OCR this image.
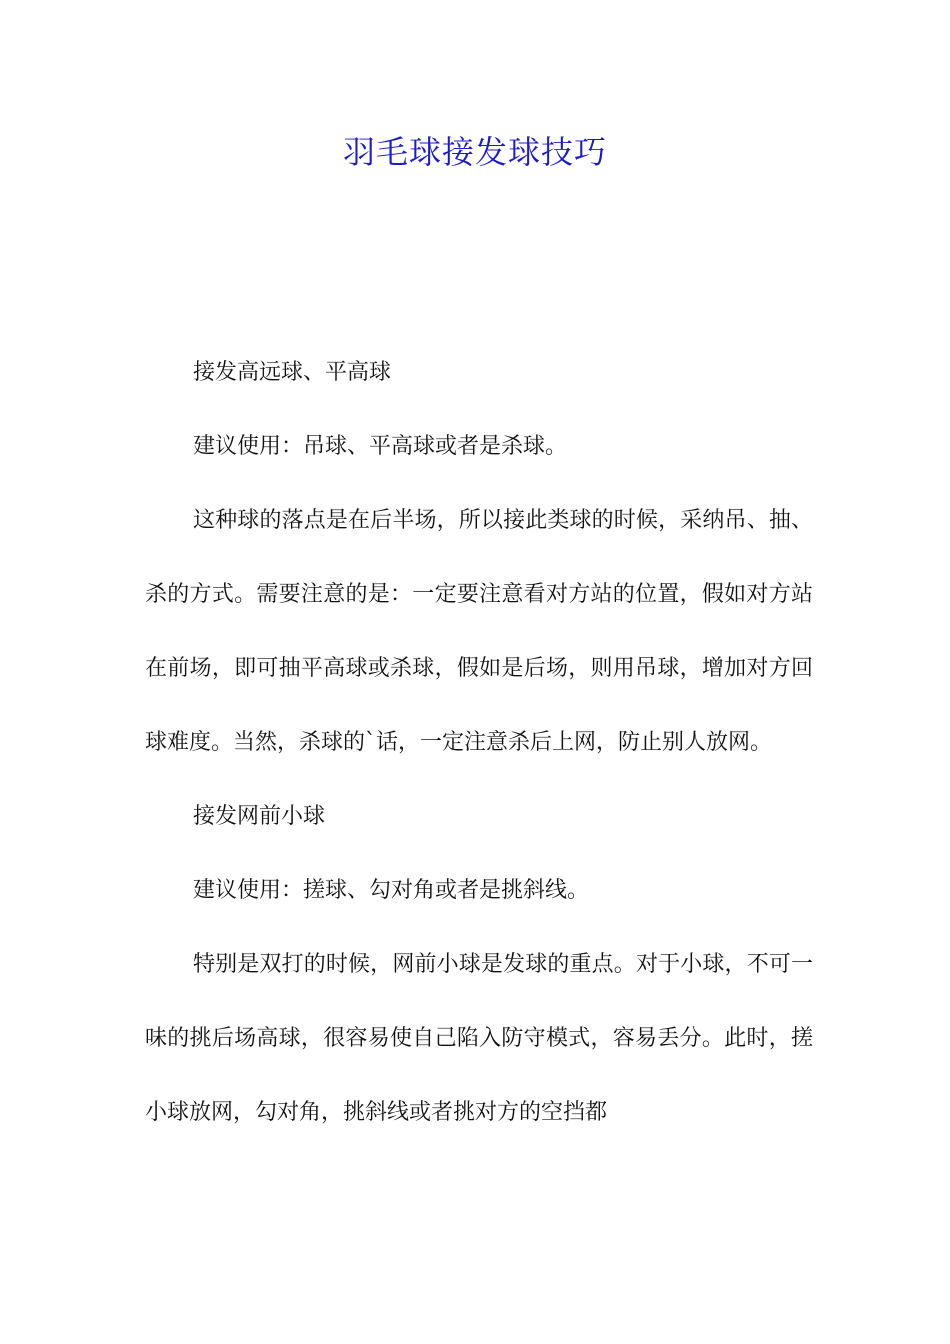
羽毛球接发球技巧

接发高远球、平高球

建议使用：吊球、平高球或者是杀球。

这种球的落点是在后半场，所以接此类球的时候，采纳吊、抽、杀的方式。需要注意的是：一定要注意看对方站的位置，假如对方站在前场，即可抽平高球或杀球，假如是后场，则用吊球，增加对方回球难度。当然，杀球的`话，一定注意杀后上网，防止别人放网。

接发网前小球

建议使用：搓球、勾对角或者是挑斜线。

特别是双打的时候，网前小球是发球的重点。对于小球，不可一味的挑后场高球，很容易使自己陷入防守模式，容易丢分。此时，搓小球放网，勾对角，挑斜线或者挑对方的空挡都
